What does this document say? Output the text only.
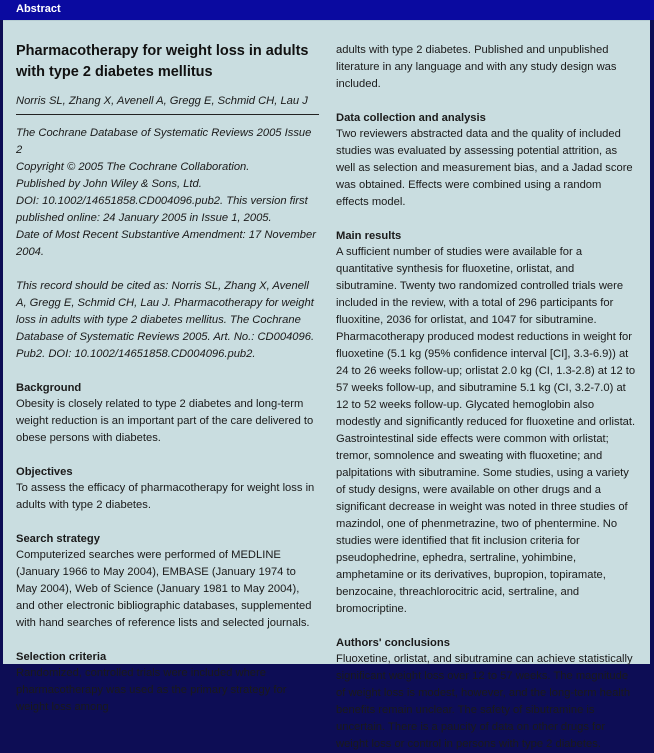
Abstract
Pharmacotherapy for weight loss in adults with type 2 diabetes mellitus
Norris SL, Zhang X, Avenell A, Gregg E, Schmid CH, Lau J

The Cochrane Database of Systematic Reviews 2005 Issue 2

Copyright © 2005 The Cochrane Collaboration.

Published by John Wiley & Sons, Ltd.

DOI: 10.1002/14651858.CD004096.pub2. This version first published online: 24 January 2005 in Issue 1, 2005.

Date of Most Recent Substantive Amendment: 17 November 2004.

This record should be cited as: Norris SL, Zhang X, Avenell A, Gregg E, Schmid CH, Lau J. Pharmacotherapy for weight loss in adults with type 2 diabetes mellitus. The Cochrane Database of Systematic Reviews 2005. Art. No.: CD004096. Pub2. DOI: 10.1002/14651858.CD004096.pub2.
Background
Obesity is closely related to type 2 diabetes and long-term weight reduction is an important part of the care delivered to obese persons with diabetes.
Objectives
To assess the efficacy of pharmacotherapy for weight loss in adults with type 2 diabetes.
Search strategy
Computerized searches were performed of MEDLINE (January 1966 to May 2004), EMBASE (January 1974 to May 2004), Web of Science (January 1981 to May 2004), and other electronic bibliographic databases, supplemented with hand searches of reference lists and selected journals.
Selection criteria
Randomized, controlled trials were included where pharmacotherapy was used as the primary strategy for weight loss among
adults with type 2 diabetes. Published and unpublished literature in any language and with any study design was included.
Data collection and analysis
Two reviewers abstracted data and the quality of included studies was evaluated by assessing potential attrition, as well as selection and measurement bias, and a Jadad score was obtained. Effects were combined using a random effects model.
Main results
A sufficient number of studies were available for a quantitative synthesis for fluoxetine, orlistat, and sibutramine. Twenty two randomized controlled trials were included in the review, with a total of 296 participants for fluoxitine, 2036 for orlistat, and 1047 for sibutramine. Pharmacotherapy produced modest reductions in weight for fluoxetine (5.1 kg (95% confidence interval [CI], 3.3-6.9)) at 24 to 26 weeks follow-up; orlistat 2.0 kg (CI, 1.3-2.8) at 12 to 57 weeks follow-up, and sibutramine 5.1 kg (CI, 3.2-7.0) at 12 to 52 weeks follow-up. Glycated hemoglobin also modestly and significantly reduced for fluoxetine and orlistat. Gastrointestinal side effects were common with orlistat; tremor, somnolence and sweating with fluoxetine; and palpitations with sibutramine. Some studies, using a variety of study designs, were available on other drugs and a significant decrease in weight was noted in three studies of mazindol, one of phenmetrazine, two of phentermine. No studies were identified that fit inclusion criteria for pseudophedrine, ephedra, sertraline, yohimbine, amphetamine or its derivatives, bupropion, topiramate, benzocaine, threachlorocitric acid, sertraline, and bromocriptine.
Authors' conclusions
Fluoxetine, orlistat, and sibutramine can achieve statistically significant weight loss over 12 to 57 weeks. The magnitude of weight loss is modest, however, and the long-term health benefits remain unclear. The safety of sibutramine is uncertain. There is a paucity of data on other drugs for weight loss or control in persons with type 2 diabetes.
